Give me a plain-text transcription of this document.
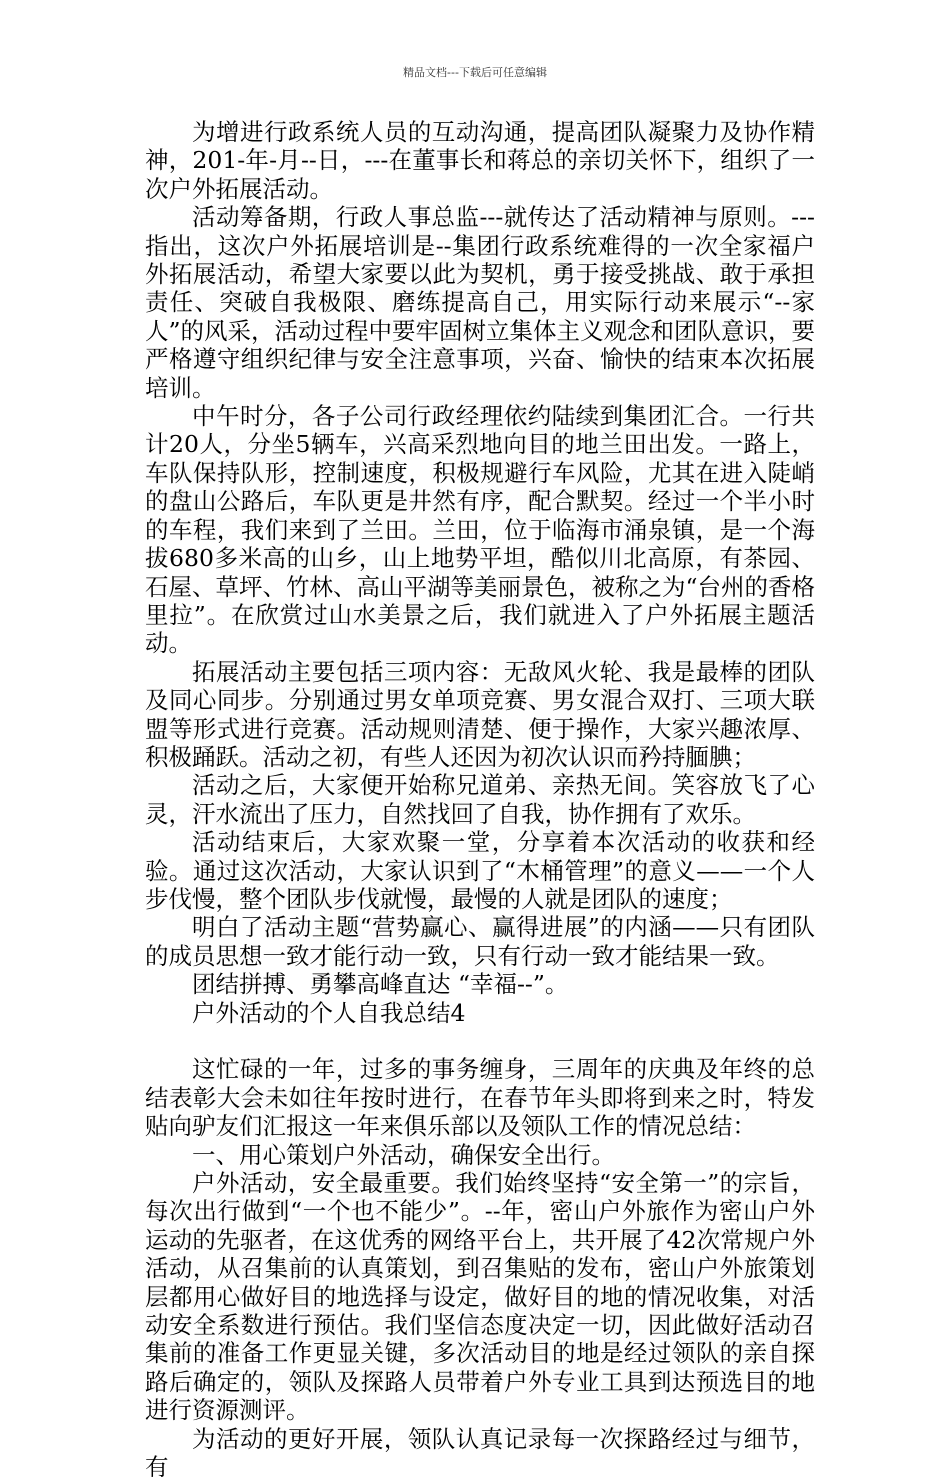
精品文档---下载后可任意编辑

为增进行政系统人员的互动沟通，提高团队凝聚力及协作精神，201-年-月--日，---在董事长和蒋总的亲切关怀下，组织了一次户外拓展活动。

活动筹备期，行政人事总监---就传达了活动精神与原则。---指出，这次户外拓展培训是--集团行政系统难得的一次全家福户外拓展活动，希望大家要以此为契机，勇于接受挑战、敢于承担责任、突破自我极限、磨练提高自己，用实际行动来展示“--家人”的风采，活动过程中要牢固树立集体主义观念和团队意识，要严格遵守组织纪律与安全注意事项，兴奋、愉快的结束本次拓展培训。

中午时分，各子公司行政经理依约陆续到集团汇合。一行共计20人，分坐5辆车，兴高采烈地向目的地兰田出发。一路上，车队保持队形，控制速度，积极规避行车风险，尤其在进入陡峭的盘山公路后，车队更是井然有序，配合默契。经过一个半小时的车程，我们来到了兰田。兰田，位于临海市涌泉镇，是一个海拔680多米高的山乡，山上地势平坦，酷似川北高原，有茶园、石屋、草坪、竹林、高山平湖等美丽景色，被称之为“台州的香格里拉”。在欣赏过山水美景之后，我们就进入了户外拓展主题活动。

拓展活动主要包括三项内容：无敌风火轮、我是最棒的团队及同心同步。分别通过男女单项竞赛、男女混合双打、三项大联盟等形式进行竞赛。活动规则清楚、便于操作，大家兴趣浓厚、积极踊跃。活动之初，有些人还因为初次认识而矜持腼腆；

活动之后，大家便开始称兄道弟、亲热无间。笑容放飞了心灵，汗水流出了压力，自然找回了自我，协作拥有了欢乐。

活动结束后，大家欢聚一堂，分享着本次活动的收获和经验。通过这次活动，大家认识到了“木桶管理”的意义——一个人步伐慢，整个团队步伐就慢，最慢的人就是团队的速度；

明白了活动主题“营势赢心、赢得进展”的内涵——只有团队的成员思想一致才能行动一致，只有行动一致才能结果一致。

团结拼搏、勇攀高峰直达 “幸福--”。

户外活动的个人自我总结4

这忙碌的一年，过多的事务缠身，三周年的庆典及年终的总结表彰大会未如往年按时进行，在春节年头即将到来之时，特发贴向驴友们汇报这一年来俱乐部以及领队工作的情况总结：

一、用心策划户外活动，确保安全出行。

户外活动，安全最重要。我们始终坚持“安全第一”的宗旨，每次出行做到“一个也不能少”。--年，密山户外旅作为密山户外运动的先驱者，在这优秀的网络平台上，共开展了42次常规户外活动，从召集前的认真策划，到召集贴的发布，密山户外旅策划层都用心做好目的地选择与设定，做好目的地的情况收集，对活动安全系数进行预估。我们坚信态度决定一切，因此做好活动召集前的准备工作更显关键，多次活动目的地是经过领队的亲自探路后确定的，领队及探路人员带着户外专业工具到达预选目的地进行资源测评。

为活动的更好开展，领队认真记录每一次探路经过与细节，有
